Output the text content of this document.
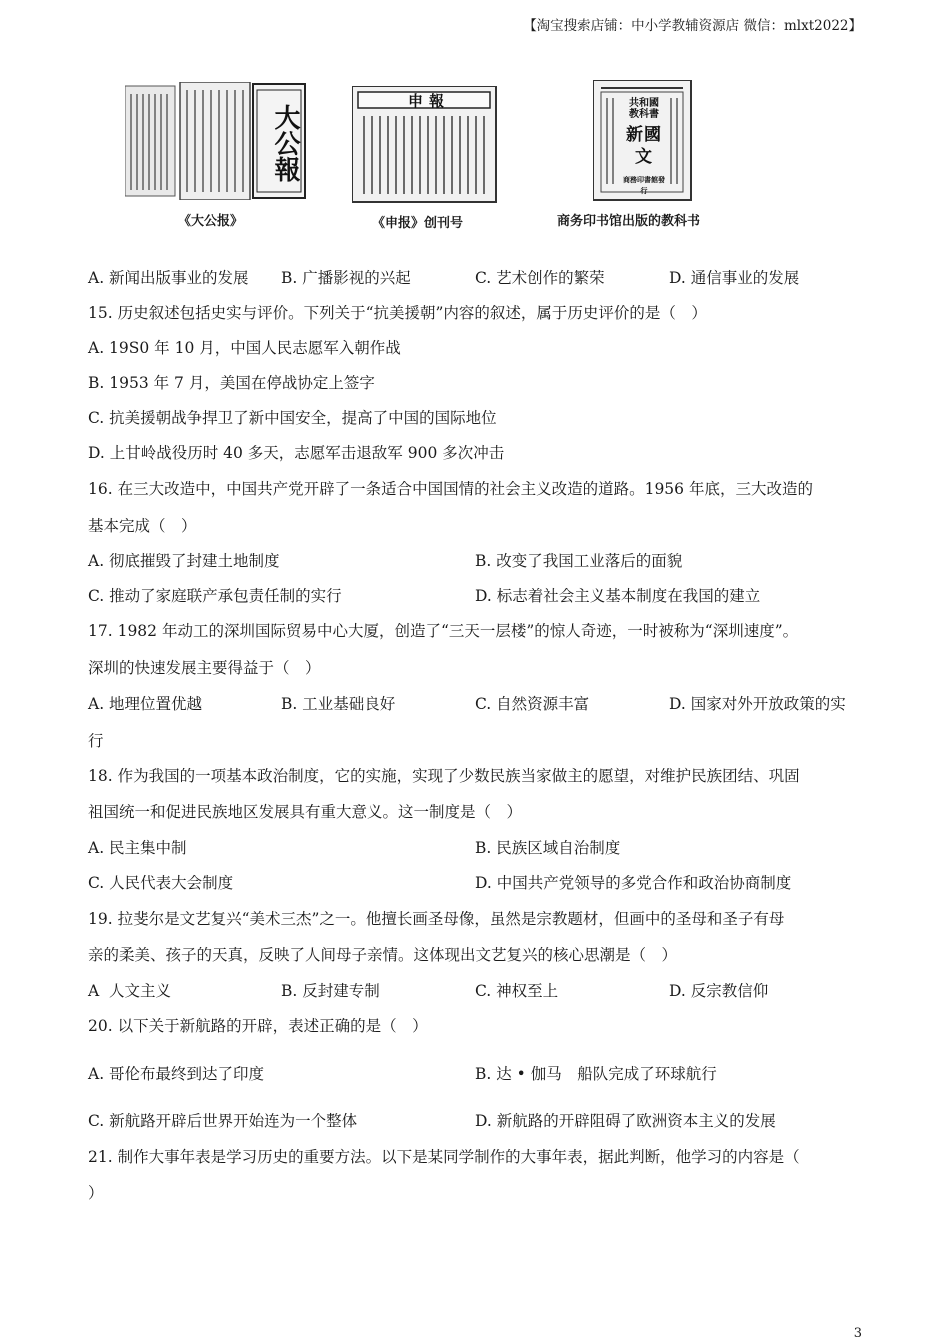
【淘宝搜索店铺：中小学教辅资源店 微信：mlxt2022】
大公報
申報	共和國
教科書
新國文
商務印書館發行
《大公报》	《申报》创刊号	商务印书馆出版的教科书
A. 新闻出版事业的发展 B. 广播影视的兴起	C. 艺术创作的繁荣	D. 通信事业的发展
15. 历史叙述包括史实与评价。下列关于“抗美援朝”内容的叙述，属于历史评价的是（　）
A. 19S0 年 10 月，中国人民志愿军入朝作战
B. 1953 年 7 月，美国在停战协定上签字
C. 抗美援朝战争捍卫了新中国安全，提高了中国的国际地位
D. 上甘岭战役历时 40 多天，志愿军击退敌军 900 多次冲击
16. 在三大改造中，中国共产党开辟了一条适合中国国情的社会主义改造的道路。1956 年底，三大改造的
基本完成（　）
A. 彻底摧毁了封建土地制度	B. 改变了我国工业落后的面貌
C. 推动了家庭联产承包责任制的实行	D. 标志着社会主义基本制度在我国的建立
17. 1982 年动工的深圳国际贸易中心大厦，创造了“三天一层楼”的惊人奇迹，一时被称为“深圳速度”。
深圳的快速发展主要得益于（　）
A. 地理位置优越	B. 工业基础良好	C. 自然资源丰富	D. 国家对外开放政策的实
行
18. 作为我国的一项基本政治制度，它的实施，实现了少数民族当家做主的愿望，对维护民族团结、巩固
祖国统一和促进民族地区发展具有重大意义。这一制度是（　）
A. 民主集中制	B. 民族区域自治制度
C. 人民代表大会制度	D. 中国共产党领导的多党合作和政治协商制度
19. 拉斐尔是文艺复兴“美术三杰”之一。他擅长画圣母像，虽然是宗教题材，但画中的圣母和圣子有母
亲的柔美、孩子的天真，反映了人间母子亲情。这体现出文艺复兴的核心思潮是（　）
A  人文主义	B. 反封建专制	C. 神权至上	D. 反宗教信仰
20. 以下关于新航路的开辟，表述正确的是（　）
A. 哥伦布最终到达了印度	B. 达 • 伽马　船队完成了环球航行
C. 新航路开辟后世界开始连为一个整体	D. 新航路的开辟阻碍了欧洲资本主义的发展
21. 制作大事年表是学习历史的重要方法。以下是某同学制作的大事年表，据此判断，他学习的内容是（
）
3
